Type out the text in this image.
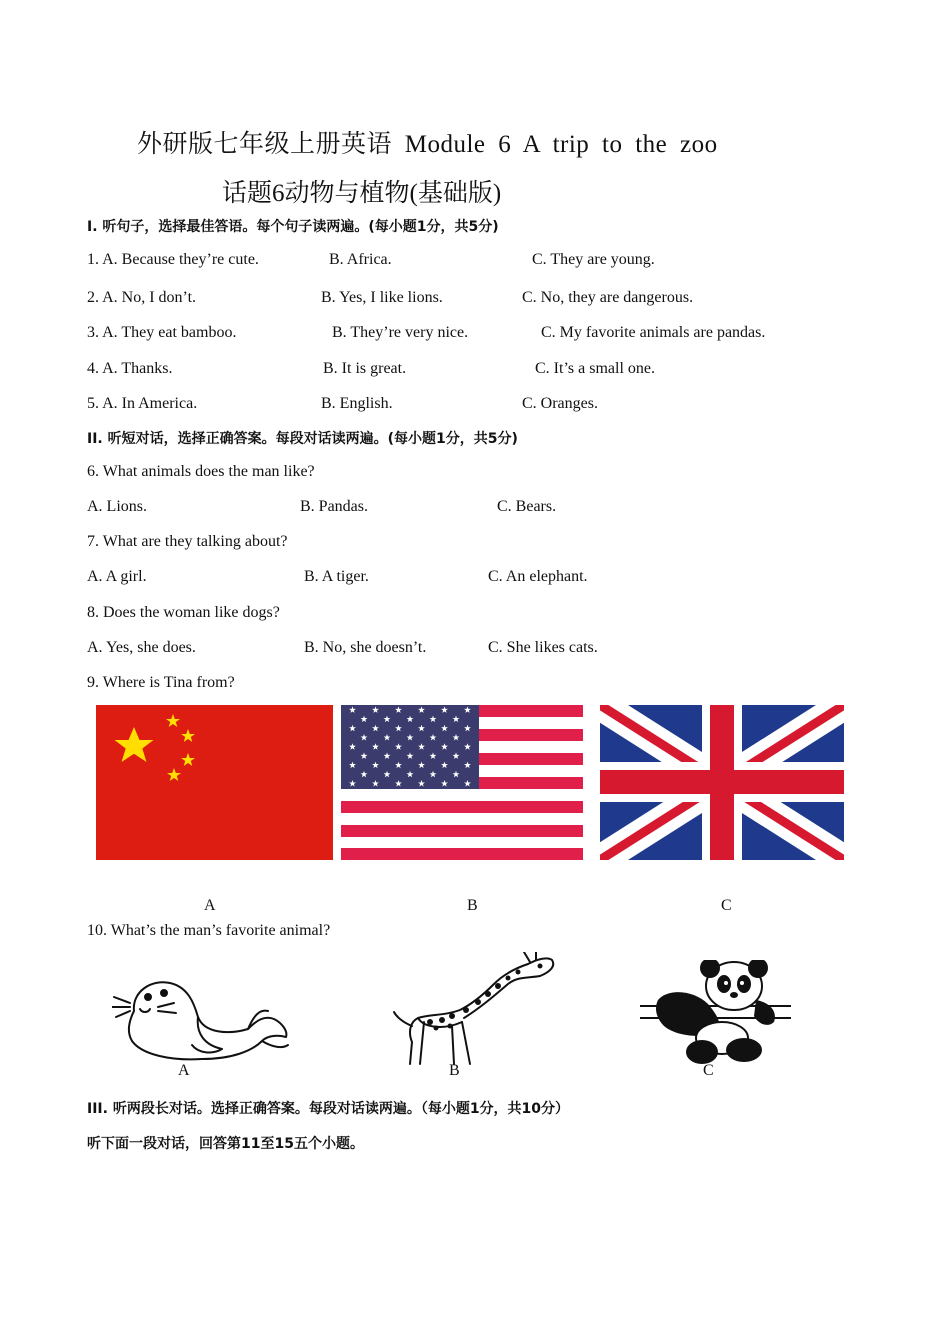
外研版七年级上册英语 Module 6 A trip to the zoo
话题6动物与植物(基础版)
I. 听句子，选择最佳答语。每个句子读两遍。(每小题1分，共5分)
1. A. Because they’re cute.	B. Africa.	C. They are young.
2. A. No, I don’t.	B. Yes, I like lions.	C. No, they are dangerous.
3. A. They eat bamboo.	B. They’re very nice.	C. My favorite animals are pandas.
4. A. Thanks.	B. It is great.	C. It’s a small one.
5. A. In America.	B. English.	C. Oranges.
II. 听短对话，选择正确答案。每段对话读两遍。(每小题1分，共5分)
6. What animals does the man like?
A. Lions.	B. Pandas.	C. Bears.
7. What are they talking about?
A. A girl.	B. A tiger.	C. An elephant.
8. Does the woman like dogs?
A. Yes, she does.	B. No, she doesn’t.	C. She likes cats.
9. Where is Tina from?
A	B	C
10. What’s the man’s favorite animal?
A	B	C
III. 听两段长对话。选择正确答案。每段对话读两遍。（每小题1分，共10分）
听下面一段对话，回答第11至15五个小题。
